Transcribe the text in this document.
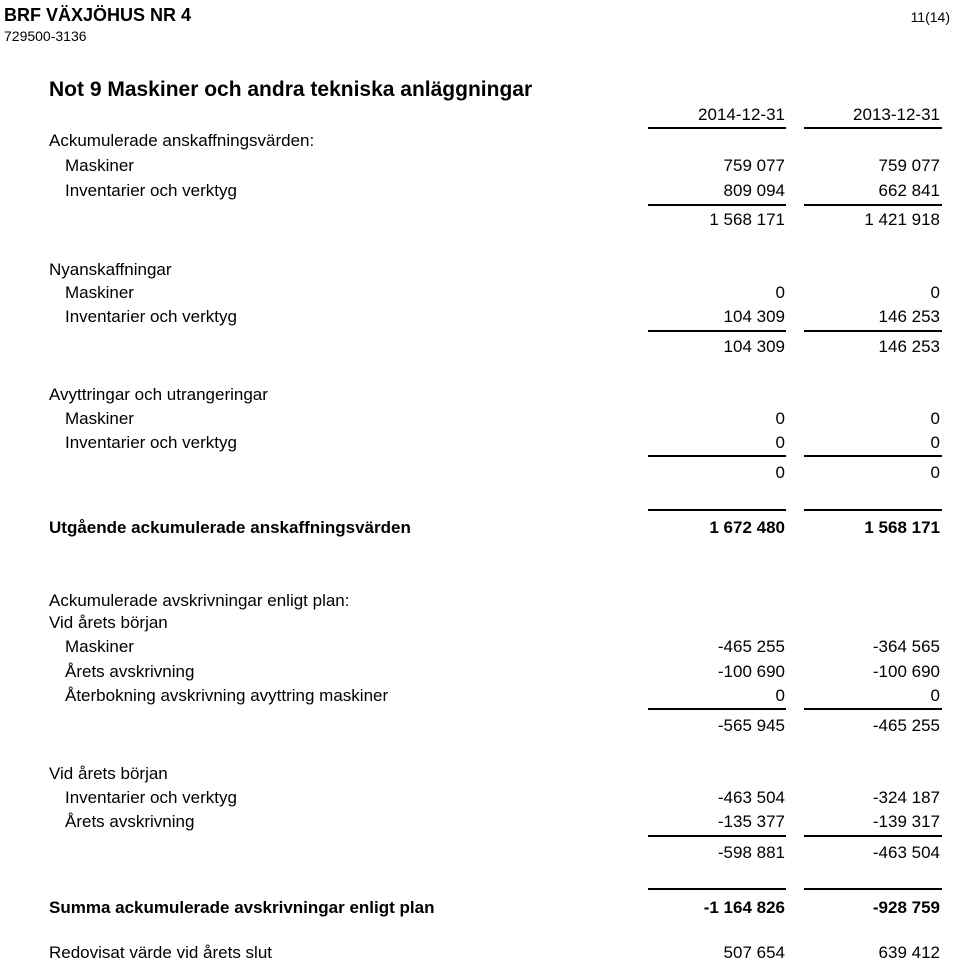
BRF VÄXJÖHUS NR 4
729500-3136
11(14)
Not 9 Maskiner och andra tekniska anläggningar
2014-12-31	2013-12-31
Ackumulerade anskaffningsvärden:
Maskiner	759 077	759 077
Inventarier och verktyg	809 094	662 841
1 568 171	1 421 918
Nyanskaffningar
Maskiner	0	0
Inventarier och verktyg	104 309	146 253
104 309	146 253
Avyttringar och utrangeringar
Maskiner	0	0
Inventarier och verktyg	0	0
0	0
Utgående ackumulerade anskaffningsvärden	1 672 480	1 568 171
Ackumulerade avskrivningar enligt plan:
Vid årets början
Maskiner	-465 255	-364 565
Årets avskrivning	-100 690	-100 690
Återbokning avskrivning avyttring maskiner	0	0
-565 945	-465 255
Vid årets början
Inventarier och verktyg	-463 504	-324 187
Årets avskrivning	-135 377	-139 317
-598 881	-463 504
Summa ackumulerade avskrivningar enligt plan	-1 164 826	-928 759
Redovisat värde vid årets slut	507 654	639 412
